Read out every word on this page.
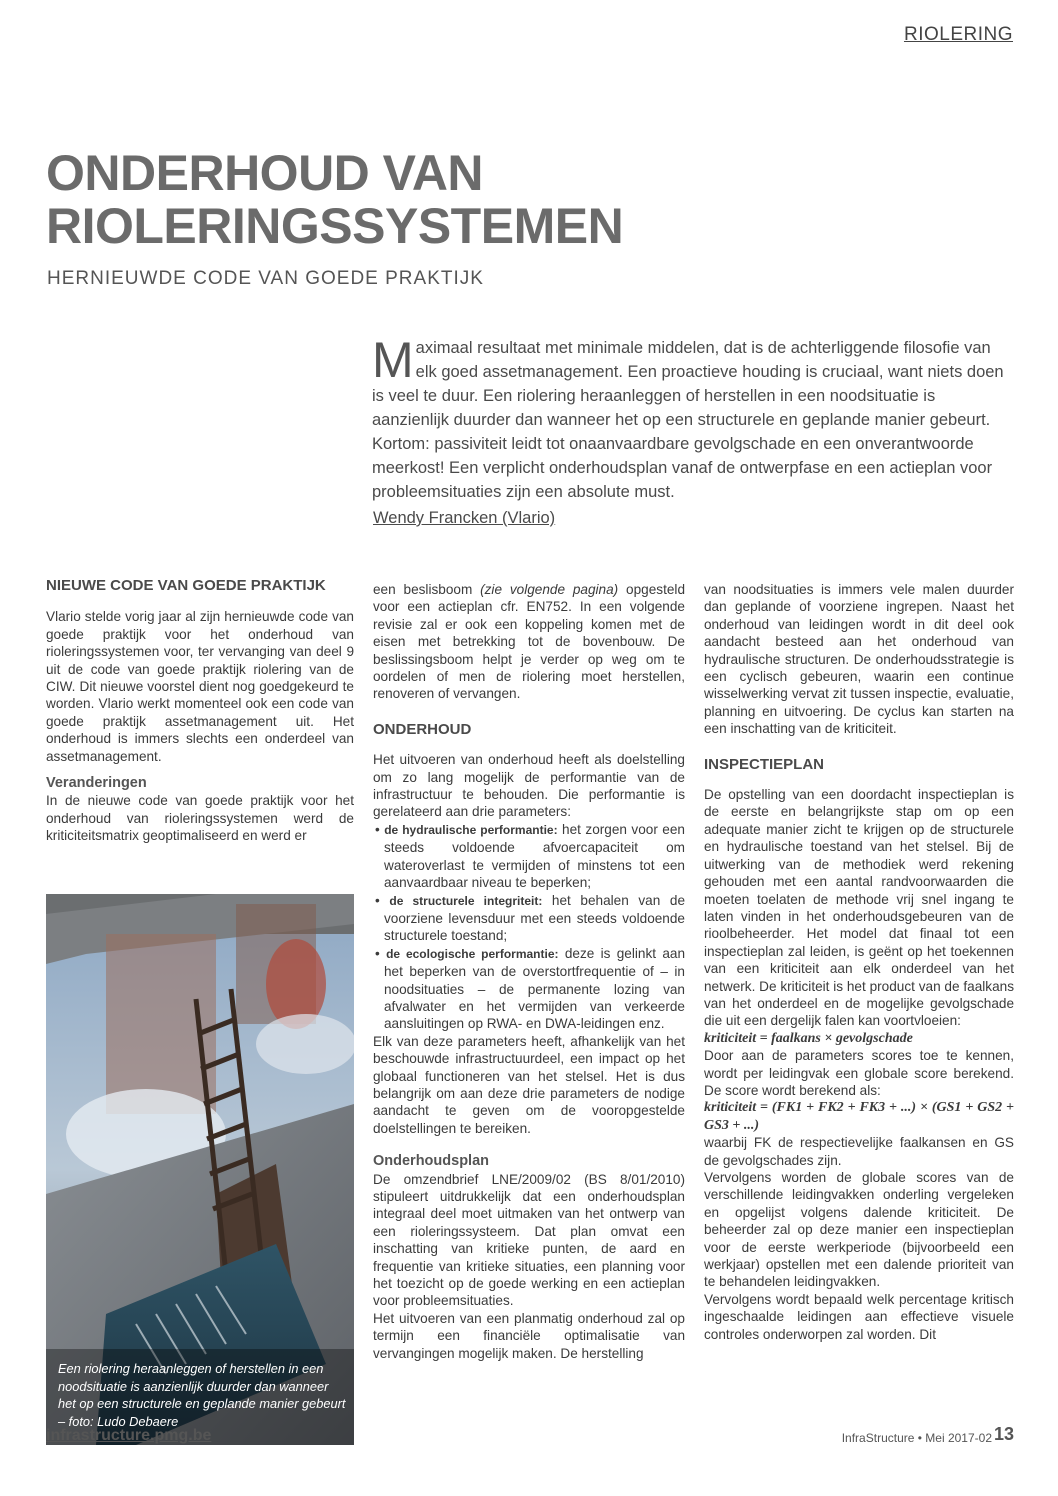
RIOLERING
ONDERHOUD VAN
RIOLERINGSSYSTEMEN
HERNIEUWDE CODE VAN GOEDE PRAKTIJK
Maximaal resultaat met minimale middelen, dat is de achterliggende filosofie van elk goed assetmanagement. Een proactieve houding is cruciaal, want niets doen is veel te duur. Een riolering heraanleggen of herstellen in een noodsituatie is aanzienlijk duurder dan wanneer het op een structurele en geplande manier gebeurt. Kortom: passiviteit leidt tot onaanvaardbare gevolgschade en een onverantwoorde meerkost! Een verplicht onderhoudsplan vanaf de ontwerpfase en een actieplan voor probleemsituaties zijn een absolute must.
Wendy Francken (Vlario)

NIEUWE CODE VAN GOEDE PRAKTIJK

Vlario stelde vorig jaar al zijn hernieuwde code van goede praktijk voor het onderhoud van rioleringssystemen voor, ter vervanging van deel 9 uit de code van goede praktijk riolering van de CIW. Dit nieuwe voorstel dient nog goedgekeurd te worden. Vlario werkt momenteel ook een code van goede praktijk assetmanagement uit. Het onderhoud is immers slechts een onderdeel van assetmanagement.

Veranderingen

In de nieuwe code van goede praktijk voor het onderhoud van rioleringssystemen werd de kriticiteitsmatrix geoptimaliseerd en werd er

Een riolering heraanleggen of herstellen in een noodsituatie is aanzienlijk duurder dan wanneer het op een structurele en geplande manier gebeurt – foto: Ludo Debaere

een beslisboom (zie volgende pagina) opgesteld voor een actieplan cfr. EN752. In een volgende revisie zal er ook een koppeling komen met de eisen met betrekking tot de bovenbouw. De beslissingsboom helpt je verder op weg om te oordelen of men de riolering moet herstellen, renoveren of vervangen.

ONDERHOUD

Het uitvoeren van onderhoud heeft als doelstelling om zo lang mogelijk de performantie van de infrastructuur te behouden. Die performantie is gerelateerd aan drie parameters:

• de hydraulische performantie: het zorgen voor een steeds voldoende afvoercapaciteit om wateroverlast te vermijden of minstens tot een aanvaardbaar niveau te beperken;
• de structurele integriteit: het behalen van de voorziene levensduur met een steeds voldoende structurele toestand;
• de ecologische performantie: deze is gelinkt aan het beperken van de overstortfrequentie of – in noodsituaties – de permanente lozing van afvalwater en het vermijden van verkeerde aansluitingen op RWA- en DWA-leidingen enz.

Elk van deze parameters heeft, afhankelijk van het beschouwde infrastructuurdeel, een impact op het globaal functioneren van het stelsel. Het is dus belangrijk om aan deze drie parameters de nodige aandacht te geven om de vooropgestelde doelstellingen te bereiken.

Onderhoudsplan

De omzendbrief LNE/2009/02 (BS 8/01/2010) stipuleert uitdrukkelijk dat een onderhoudsplan integraal deel moet uitmaken van het ontwerp van een rioleringssysteem. Dat plan omvat een inschatting van kritieke punten, de aard en frequentie van kritieke situaties, een planning voor het toezicht op de goede werking en een actieplan voor probleemsituaties.

Het uitvoeren van een planmatig onderhoud zal op termijn een financiële optimalisatie van vervangingen mogelijk maken. De herstelling

van noodsituaties is immers vele malen duurder dan geplande of voorziene ingrepen. Naast het onderhoud van leidingen wordt in dit deel ook aandacht besteed aan het onderhoud van hydraulische structuren. De onderhoudsstrategie is een cyclisch gebeuren, waarin een continue wisselwerking vervat zit tussen inspectie, evaluatie, planning en uitvoering. De cyclus kan starten na een inschatting van de kriticiteit.

INSPECTIEPLAN

De opstelling van een doordacht inspectieplan is de eerste en belangrijkste stap om op een adequate manier zicht te krijgen op de structurele en hydraulische toestand van het stelsel. Bij de uitwerking van de methodiek werd rekening gehouden met een aantal randvoorwaarden die moeten toelaten de methode vrij snel ingang te laten vinden in het onderhoudsgebeuren van de rioolbeheerder. Het model dat finaal tot een inspectieplan zal leiden, is geënt op het toekennen van een kriticiteit aan elk onderdeel van het netwerk. De kriticiteit is het product van de faalkans van het onderdeel en de mogelijke gevolgschade die uit een dergelijk falen kan voortvloeien:

kriticiteit = faalkans × gevolgschade

Door aan de parameters scores toe te kennen, wordt per leidingvak een globale score berekend. De score wordt berekend als:

kriticiteit = (FK1 + FK2 + FK3 + ...) × (GS1 + GS2 + GS3 + ...)

waarbij FK de respectievelijke faalkansen en GS de gevolgschades zijn.

Vervolgens worden de globale scores van de verschillende leidingvakken onderling vergeleken en opgelijst volgens dalende kriticiteit. De beheerder zal op deze manier een inspectieplan voor de eerste werkperiode (bijvoorbeeld een werkjaar) opstellen met een dalende prioriteit van te behandelen leidingvakken.

Vervolgens wordt bepaald welk percentage kritisch ingeschaalde leidingen aan effectieve visuele controles onderworpen zal worden. Dit

infrastructure.pmg.be	InfraStructure • Mei 2017-02 13
